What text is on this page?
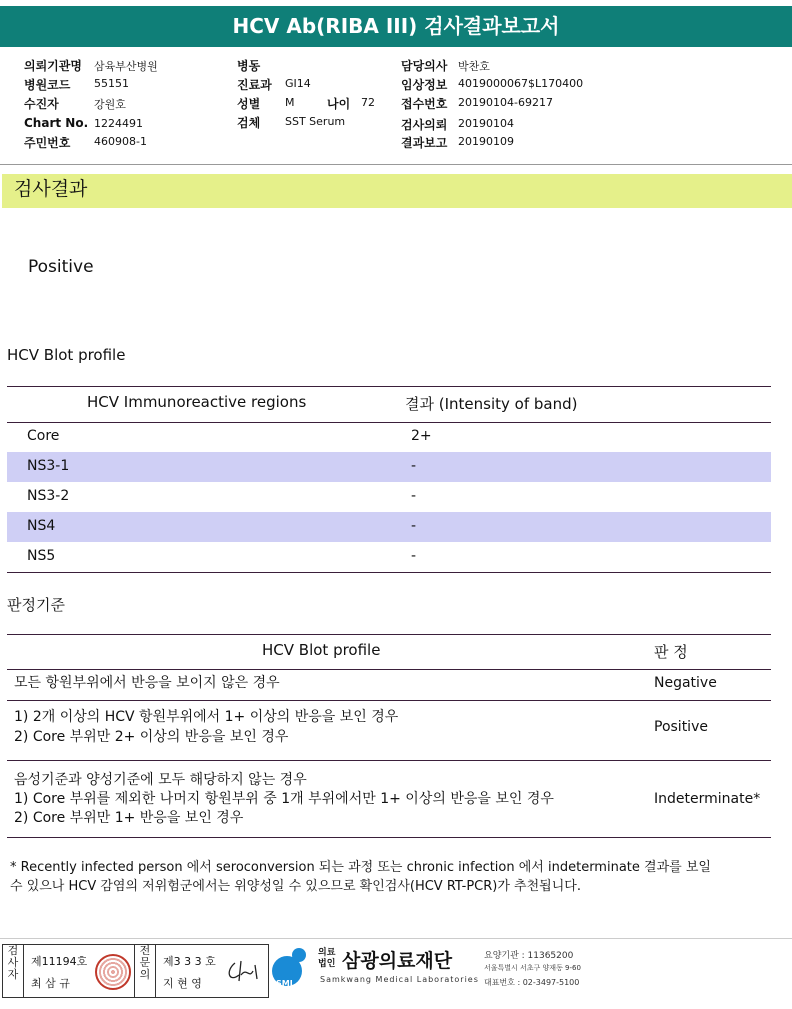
HCV Ab(RIBA III) 검사결과보고서
의뢰기관명 삼육부산병원
병원코드 55151
수진자	강원호
Chart No. 1224491
주민번호 460908-1
병동
진료과 GI14
성별 M	나이 72
검체 SST Serum
담당의사 박찬호
임상정보 4019000067$L170400
접수번호 20190104-69217
검사의뢰 20190104
결과보고 20190109
검사결과
Positive
HCV Blot profile
HCV Immunoreactive regions	결과 (Intensity of band)
Core	2+
NS3-1	-
NS3-2	-
NS4	-
NS5	-
판정기준
HCV Blot profile	판 정
모든 항원부위에서 반응을 보이지 않은 경우	Negative
1) 2개 이상의 HCV 항원부위에서 1+ 이상의 반응을 보인 경우
2) Core 부위만 2+ 이상의 반응을 보인 경우
Positive
음성기준과 양성기준에 모두 해당하지 않는 경우
1) Core 부위를 제외한 나머지 항원부위 중 1개 부위에서만 1+ 이상의 반응을 보인 경우
2) Core 부위만 1+ 반응을 보인 경우
Indeterminate*
* Recently infected person 에서 seroconversion 되는 과정 또는 chronic infection 에서 indeterminate 결과를 보일
수 있으나 HCV 감염의 저위험군에서는 위양성일 수 있으므로 확인검사(HCV RT-PCR)가 추천됩니다.
검사자
제11194호
최 삼 규
전문의
제3 3 3 호
지 현 영	SML
의료법인 삼광의료재단
Samkwang Medical Laboratories
요양기관 : 11365200
서울특별시 서초구 양재동 9-60
대표번호 : 02-3497-5100
